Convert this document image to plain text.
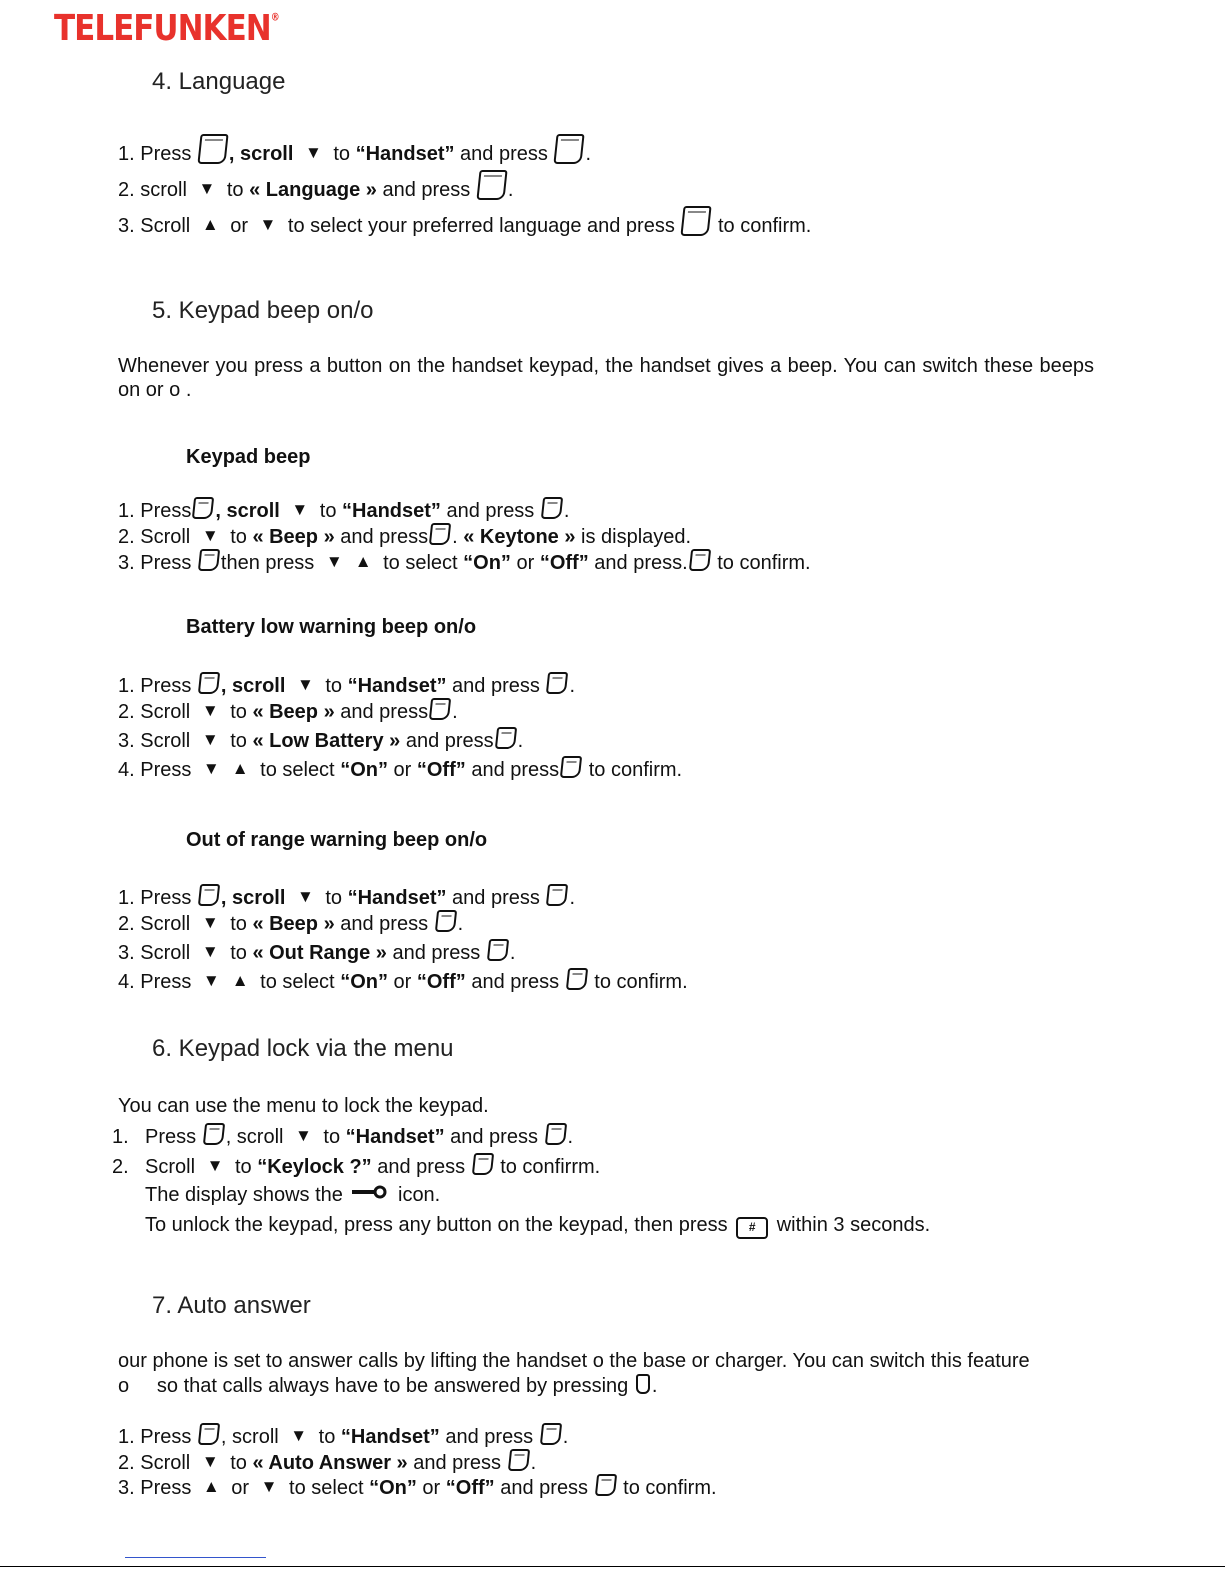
TELEFUNKEN®
4. Language
1. Press , scroll ▼ to “Handset” and press .
2. scroll ▼ to « Language » and press .
3. Scroll ▲ or ▼ to select your preferred language and press  to confirm.
5. Keypad beep on/o
Whenever you press a button on the handset keypad, the handset gives a beep. You can switch these beeps on or o .
Keypad beep
1. Press , scroll ▼ to “Handset” and press .
2. Scroll ▼ to « Beep » and press . « Keytone » is displayed.
3. Press then press ▼ ▲ to select “On” or “Off” and press. to confirm.
Battery low warning beep on/o
1. Press , scroll ▼ to “Handset” and press .
2. Scroll ▼ to « Beep » and press .
3. Scroll ▼ to « Low Battery » and press .
4. Press ▼ ▲ to select “On” or “Off” and press to confirm.
Out of range warning beep on/o
1. Press , scroll ▼ to “Handset” and press .
2. Scroll ▼ to « Beep » and press .
3. Scroll ▼ to « Out Range » and press .
4. Press ▼ ▲ to select “On” or “Off” and press  to confirm.
6. Keypad lock via the menu
You can use the menu to lock the keypad.
1. Press , scroll ▼ to “Handset” and press .
2. Scroll ▼ to “Keylock ?” and press  to confirrm.
The display shows the  icon.
To unlock the keypad, press any button on the keypad, then press # within 3 seconds.
7. Auto answer
our phone is set to answer calls by lifting the handset o the base or charger. You can switch this feature
o     so that calls always have to be answered by pressing .
1. Press , scroll ▼ to “Handset” and press .
2. Scroll ▼ to « Auto Answer » and press .
3. Press ▲ or ▼ to select “On” or “Off” and press  to confirm.
